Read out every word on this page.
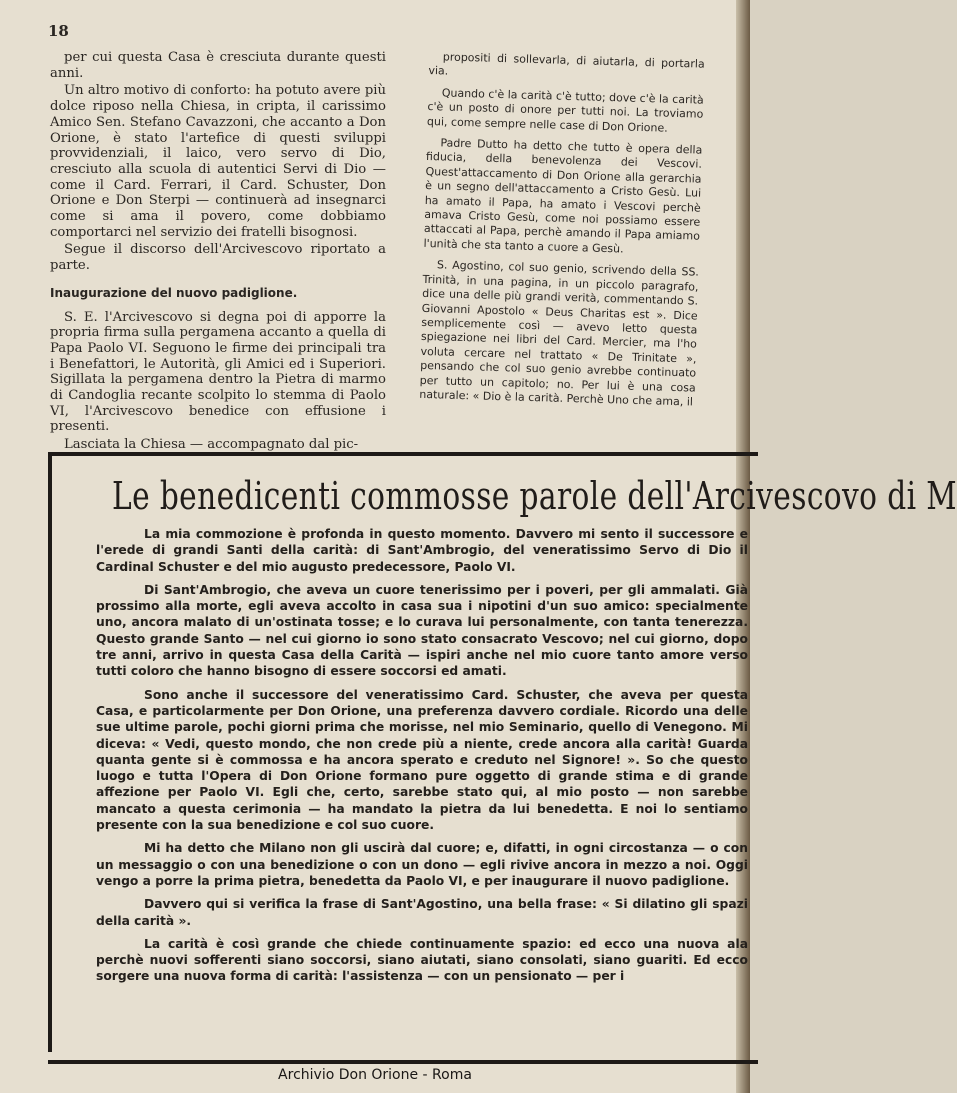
18

per cui questa Casa è cresciuta durante questi anni.

Un altro motivo di conforto: ha potuto avere più dolce riposo nella Chiesa, in cripta, il carissimo Amico Sen. Stefano Cavazzoni, che accanto a Don Orione, è stato l'artefice di questi sviluppi provvidenziali, il laico, vero servo di Dio, cresciuto alla scuola di autentici Servi di Dio — come il Card. Ferrari, il Card. Schuster, Don Orione e Don Sterpi — continuerà ad insegnarci come si ama il povero, come dobbiamo comportarci nel servizio dei fratelli bisognosi.

Segue il discorso dell'Arcivescovo riportato a parte.

Inaugurazione del nuovo padiglione.

S. E. l'Arcivescovo si degna poi di apporre la propria firma sulla pergamena accanto a quella di Papa Paolo VI. Seguono le firme dei principali tra i Benefattori, le Autorità, gli Amici ed i Superiori. Sigillata la pergamena dentro la Pietra di marmo di Candoglia recante scolpito lo stemma di Paolo VI, l'Arcivescovo benedice con effusione i presenti.

Lasciata la Chiesa — accompagnato dal pic-

propositi di sollevarla, di aiutarla, di portarla via.

Quando c'è la carità c'è tutto; dove c'è la carità c'è un posto di onore per tutti noi. La troviamo qui, come sempre nelle case di Don Orione.

Padre Dutto ha detto che tutto è opera della fiducia, della benevolenza dei Vescovi. Quest'attaccamento di Don Orione alla gerarchia è un segno dell'attaccamento a Cristo Gesù. Lui ha amato il Papa, ha amato i Vescovi perchè amava Cristo Gesù, come noi possiamo essere attaccati al Papa, perchè amando il Papa amiamo l'unità che sta tanto a cuore a Gesù.

S. Agostino, col suo genio, scrivendo della SS. Trinità, in una pagina, in un piccolo paragrafo, dice una delle più grandi verità, commentando S. Giovanni Apostolo « Deus Charitas est ». Dice semplicemente così — avevo letto questa spiegazione nei libri del Card. Mercier, ma l'ho voluta cercare nel trattato « De Trinitate », pensando che col suo genio avrebbe continuato per tutto un capitolo; no. Per lui è una cosa naturale: « Dio è la carità. Perchè Uno che ama, il

Le benedicenti commosse parole dell'Arcivescovo di M

La mia commozione è profonda in questo momento. Davvero mi sento il successore e l'erede di grandi Santi della carità: di Sant'Ambrogio, del veneratissimo Servo di Dio il Cardinal Schuster e del mio augusto predecessore, Paolo VI.

Di Sant'Ambrogio, che aveva un cuore tenerissimo per i poveri, per gli ammalati. Già prossimo alla morte, egli aveva accolto in casa sua i nipotini d'un suo amico: specialmente uno, ancora malato di un'ostinata tosse; e lo curava lui personalmente, con tanta tenerezza. Questo grande Santo — nel cui giorno io sono stato consacrato Vescovo; nel cui giorno, dopo tre anni, arrivo in questa Casa della Carità — ispiri anche nel mio cuore tanto amore verso tutti coloro che hanno bisogno di essere soccorsi ed amati.

Sono anche il successore del veneratissimo Card. Schuster, che aveva per questa Casa, e particolarmente per Don Orione, una preferenza davvero cordiale. Ricordo una delle sue ultime parole, pochi giorni prima che morisse, nel mio Seminario, quello di Venegono. Mi diceva: « Vedi, questo mondo, che non crede più a niente, crede ancora alla carità! Guarda quanta gente si è commossa e ha ancora sperato e creduto nel Signore! ». So che questo luogo e tutta l'Opera di Don Orione formano pure oggetto di grande stima e di grande affezione per Paolo VI. Egli che, certo, sarebbe stato qui, al mio posto — non sarebbe mancato a questa cerimonia — ha mandato la pietra da lui benedetta. E noi lo sentiamo presente con la sua benedizione e col suo cuore.

Mi ha detto che Milano non gli uscirà dal cuore; e, difatti, in ogni circostanza — o con un messaggio o con una benedizione o con un dono — egli rivive ancora in mezzo a noi. Oggi vengo a porre la prima pietra, benedetta da Paolo VI, e per inaugurare il nuovo padiglione.

Davvero qui si verifica la frase di Sant'Agostino, una bella frase: « Si dilatino gli spazi della carità ».

La carità è così grande che chiede continuamente spazio: ed ecco una nuova ala perchè nuovi sofferenti siano soccorsi, siano aiutati, siano consolati, siano guariti. Ed ecco sorgere una nuova forma di carità: l'assistenza — con un pensionato — per i

Archivio Don Orione - Roma
